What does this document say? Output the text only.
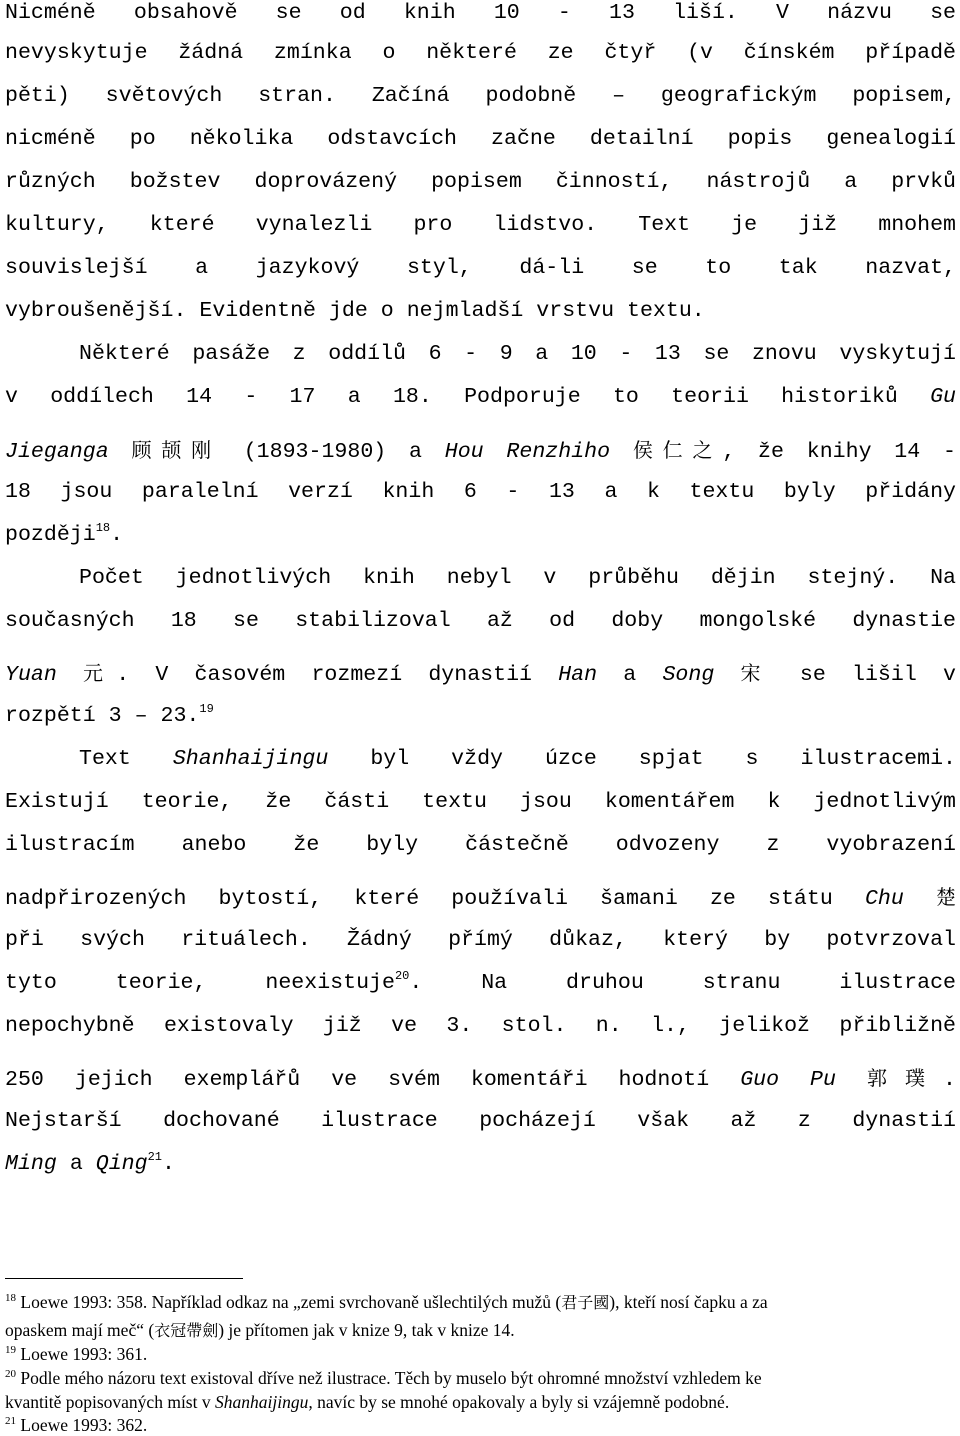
Nicméně obsahově se od knih 10 - 13 liší. V názvu se
nevyskytuje žádná zmínka o některé ze čtyř (v čínském případě
pěti) světových stran. Začíná podobně – geografickým popisem,
nicméně po několika odstavcích začne detailní popis genealogií
různých božstev doprovázený popisem činností, nástrojů a prvků
kultury, které vynalezli pro lidstvo. Text je již mnohem
souvislejší a jazykový styl, dá-li se to tak nazvat,
vybroušenější. Evidentně jde o nejmladší vrstvu textu.
Některé pasáže z oddílů 6 - 9 a 10 - 13 se znovu vyskytují
v oddílech 14 - 17 a 18. Podporuje to teorii historiků Gu
Jieganga 顾颉刚 (1893-1980) a Hou Renzhiho 侯仁之, že knihy 14 -
18 jsou paralelní verzí knih 6 - 13 a k textu byly přidány
později$^{18}$.
Počet jednotlivých knih nebyl v průběhu dějin stejný. Na
současných 18 se stabilizoval až od doby mongolské dynastie
Yuan 元. V časovém rozmezí dynastií Han a Song 宋 se lišil v
rozpětí 3 – 23.19
Text Shanhaijingu byl vždy úzce spjat s ilustracemi.
Existují teorie, že části textu jsou komentářem k jednotlivým
ilustracím anebo že byly částečně odvozeny z vyobrazení
nadpřirozených bytostí, které používali šamani ze státu Chu 楚
při svých rituálech. Žádný přímý důkaz, který by potvrzoval
tyto teorie, neexistuje$^{20}$. Na druhou stranu ilustrace
nepochybně existovaly již ve 3. stol. n. l., jelikož přibližně
250 jejich exemplářů ve svém komentáři hodnotí Guo Pu 郭璞.
Nejstarší dochované ilustrace pocházejí však až z dynastií
Ming a Qing$^{21}$.
$^{18}$ Loewe 1993: 358. Například odkaz na „zemi svrchovaně ušlechtilých mužů (君子國), kteří nosí čapku a za
opaskem mají meč“ (衣冠帶劍) je přítomen jak v knize 9, tak v knize 14.
$^{19}$ Loewe 1993: 361.
$^{20}$ Podle mého názoru text existoval dříve než ilustrace. Těch by muselo být ohromné množství vzhledem ke
kvantitě popisovaných míst v Shanhaijingu, navíc by se mnohé opakovaly a byly si vzájemně podobné.
$^{21}$ Loewe 1993: 362.
